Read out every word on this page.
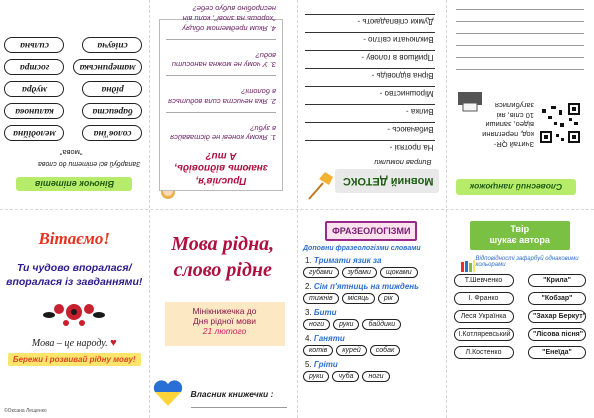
Віночок епітетів
Запарбуй всі епітети до слова
"мова"
солов'їна
мелодійна
барвиста
калинова
рідна
мудра
материнська
гостра
співуча
сильна
Прислів'я,
знають відповідь,
А ти?
1. Якому коневі не діставайся в зуби?
2. Яка нечиста сила водиться в болоті?
3. У чому не можна наносити води?
4. Яким предметом обіцяу "хорошь на злові", коли він неспробіно вибуо себе?
Мовний ДЕТОКС
Виправ помилки
На протязі -
Вибачаюсь -
Вилка -
Мірошниство -
Вірна відповідь -
Прийшов в голову -
Виключати світло -
Думки співпадають -
Словесний ланцюжок
Зчитай QR-
код, перегляни
відео, запиши
10 слів, які
загубилися
Вітаємо!
Ти чудово впоралася/ впоралася із завданнями!
Мова – це народу. ♥
Бережи і розвивай рідну мову!
©Оксана Лещенко
Мова рідна,
слово рідне
Мінікнижечка до
Дня рідної мови
21 лютого
Власник книжечки :
ФРАЗЕОЛОГІЗМИ
Доповни фразеологізми словами
1. Тримати язик за
губами	зубами	щоками
2. Сім п'ятниць на тиждень
тижнів	місяць	рік
3. Бити
ноги	руки	байдики
4. Ганяти
котів	курей	собак
5. Гріти
руки	чуба	ноги
Твір
шукає автора
Відповідності зафарбуй однаковими кольорами
Т.Шевченко	"Крила"
І. Франко	"Кобзар"
Леся Українка	"Захар Беркут"
І.Котляревський	"Лісова пісня"
Л.Костенко	"Енеїда"
